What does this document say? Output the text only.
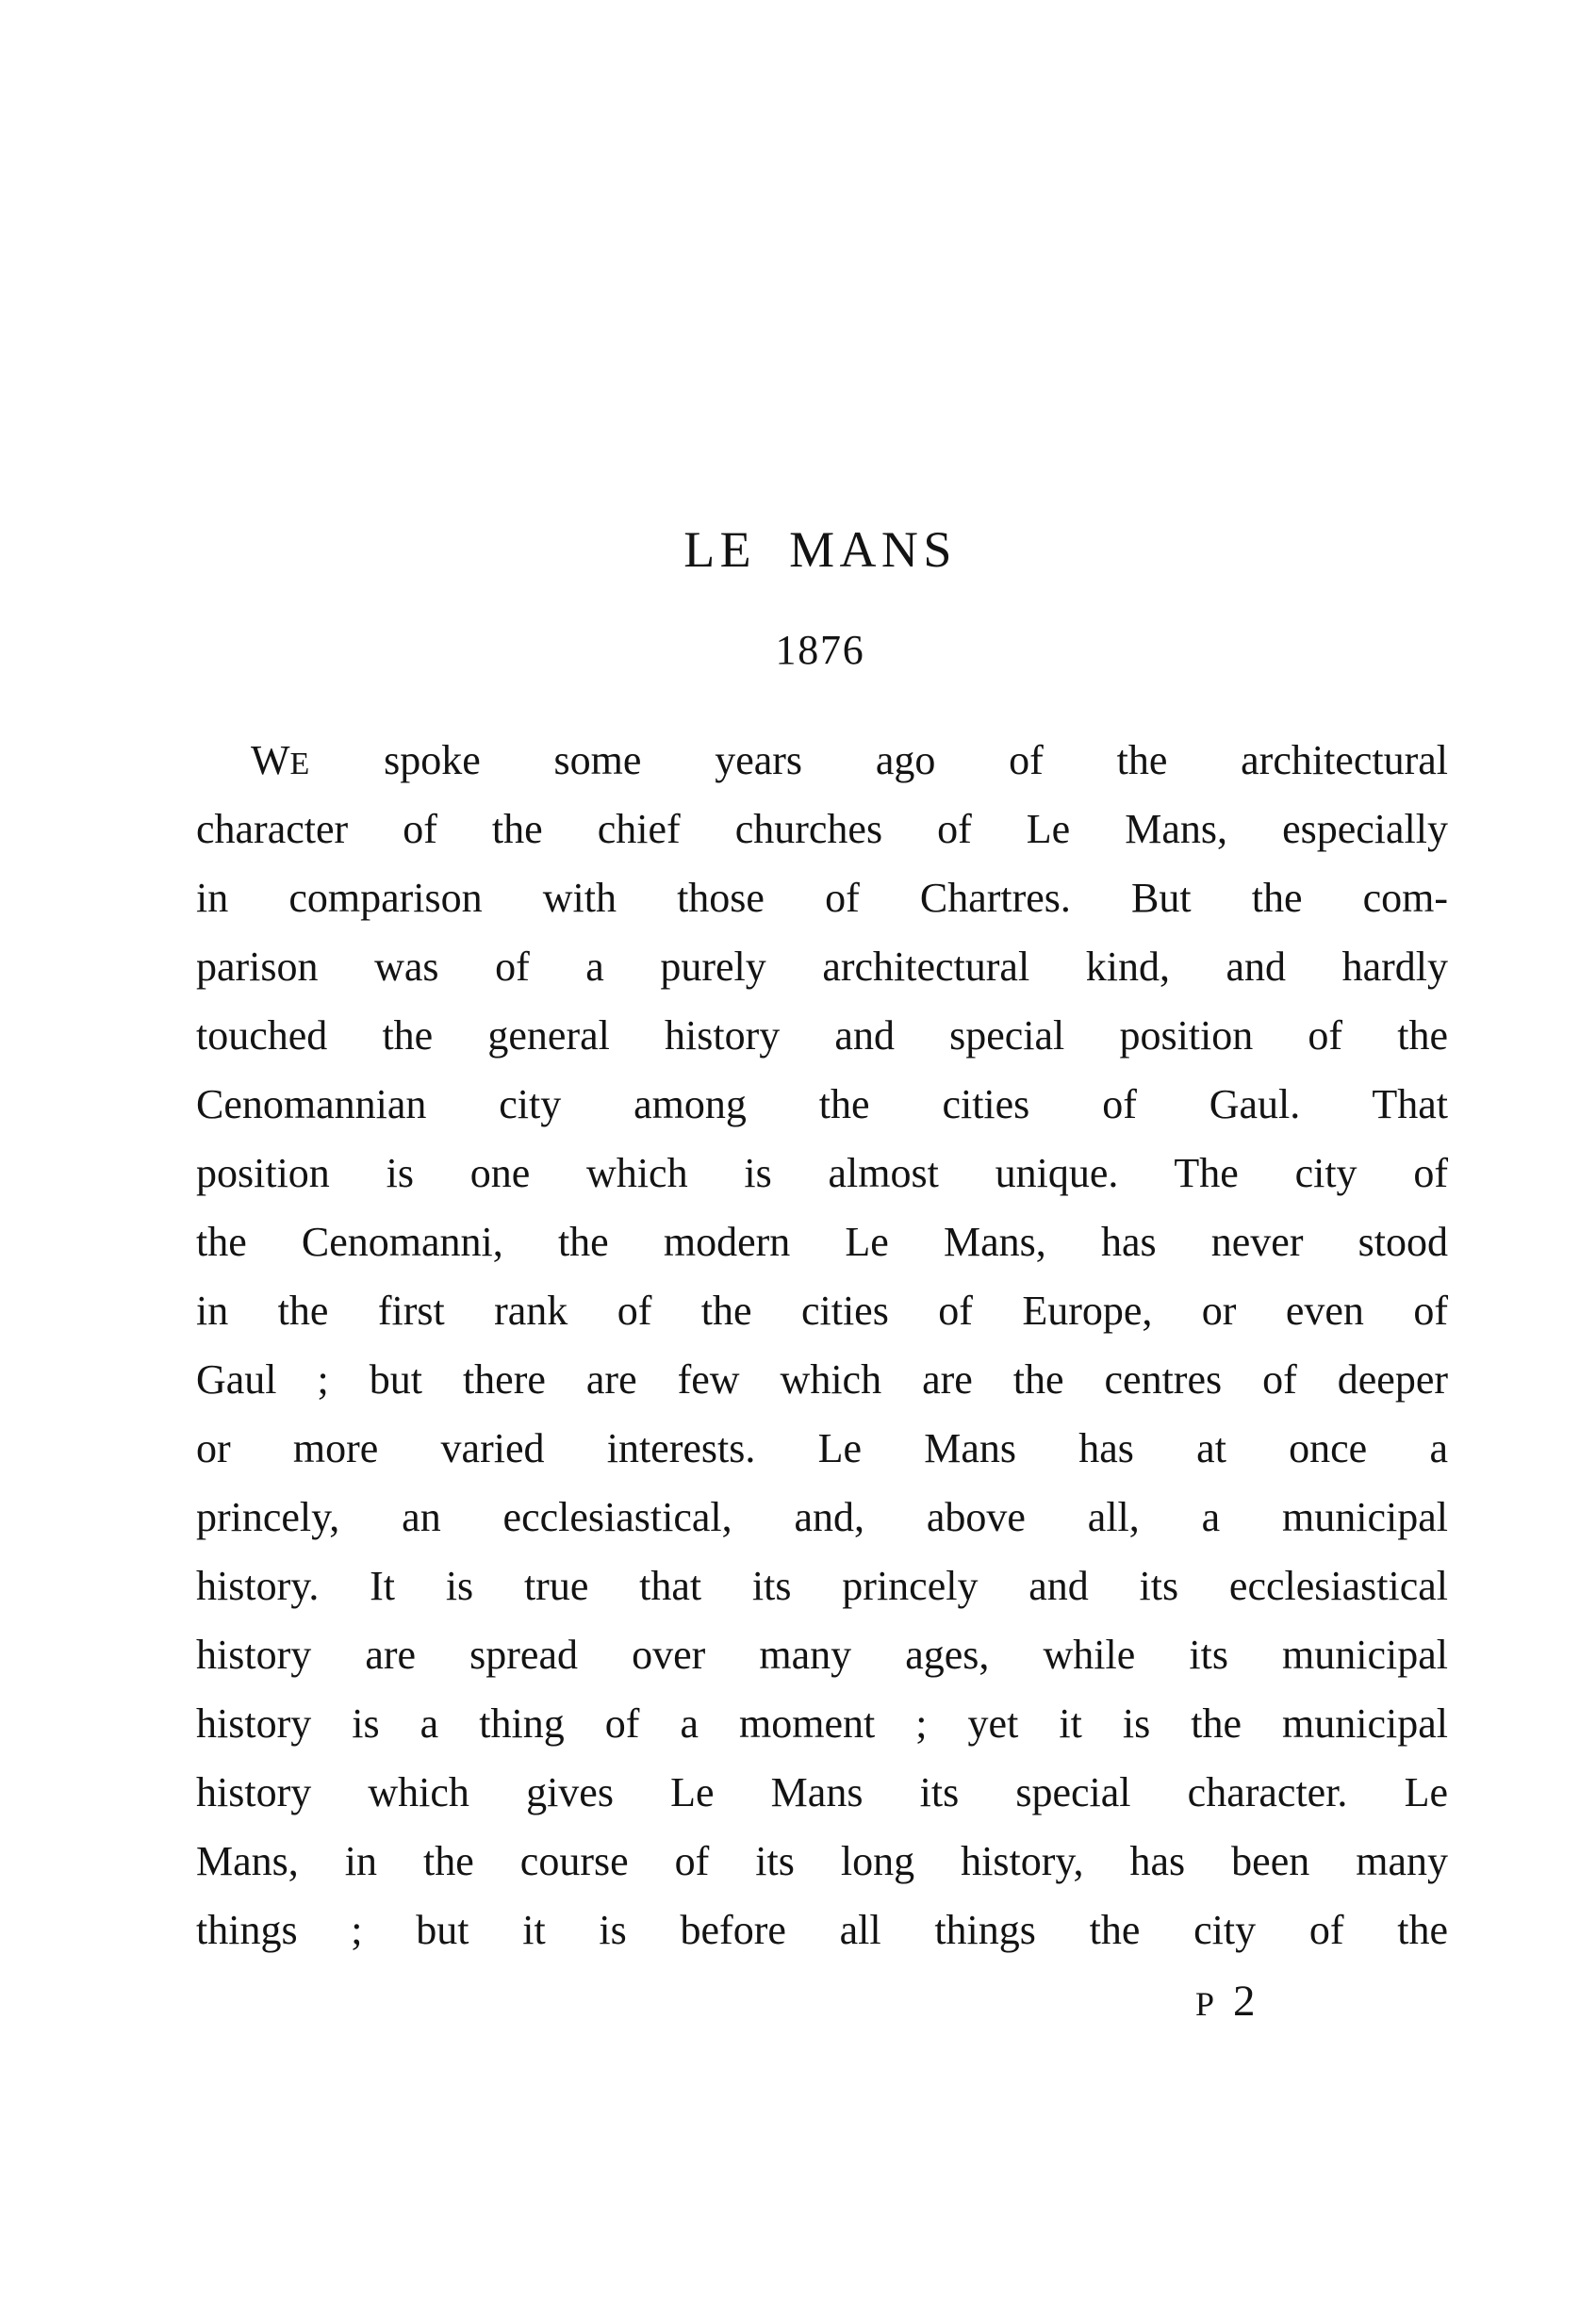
LE MANS
1876
WE spoke some years ago of the architectural
character of the chief churches of Le Mans, especially
in comparison with those of Chartres. But the com-
parison was of a purely architectural kind, and hardly
touched the general history and special position of the
Cenomannian city among the cities of Gaul. That
position is one which is almost unique. The city of
the Cenomanni, the modern Le Mans, has never stood
in the first rank of the cities of Europe, or even of
Gaul ; but there are few which are the centres of deeper
or more varied interests. Le Mans has at once a
princely, an ecclesiastical, and, above all, a municipal
history. It is true that its princely and its ecclesiastical
history are spread over many ages, while its municipal
history is a thing of a moment ; yet it is the municipal
history which gives Le Mans its special character. Le
Mans, in the course of its long history, has been many
things ; but it is before all things the city of the
P 2
